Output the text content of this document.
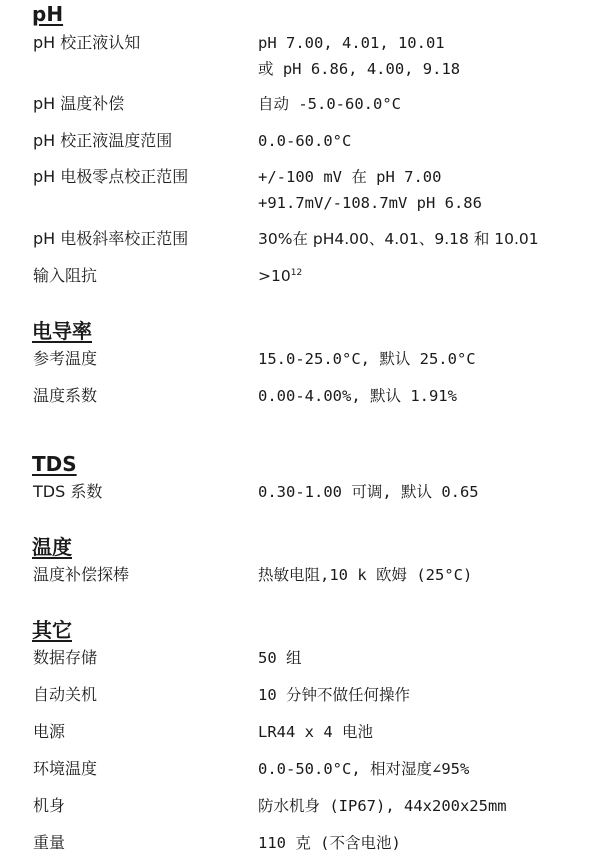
pH
pH 校正液认知	pH 7.00, 4.01, 10.01
或 pH 6.86, 4.00, 9.18
pH 温度补偿	自动 -5.0-60.0°C
pH 校正液温度范围	0.0-60.0°C
pH 电极零点校正范围	+/-100 mV 在 pH 7.00
+91.7mV/-108.7mV pH 6.86
pH 电极斜率校正范围	30%在 pH4.00、4.01、9.18 和 10.01
输入阻抗	$>10^{12}$
电导率
参考温度	15.0-25.0°C, 默认 25.0°C
温度系数	0.00-4.00%, 默认 1.91%
TDS
TDS 系数	0.30-1.00 可调, 默认 0.65
温度
温度补偿探棒	热敏电阻,10 k 欧姆 (25°C)
其它
数据存储	50 组
自动关机	10 分钟不做任何操作
电源	LR44 x 4 电池
环境温度	0.0-50.0°C, 相对湿度∠95%
机身	防水机身 (IP67), 44x200x25mm
重量	110 克 (不含电池)
